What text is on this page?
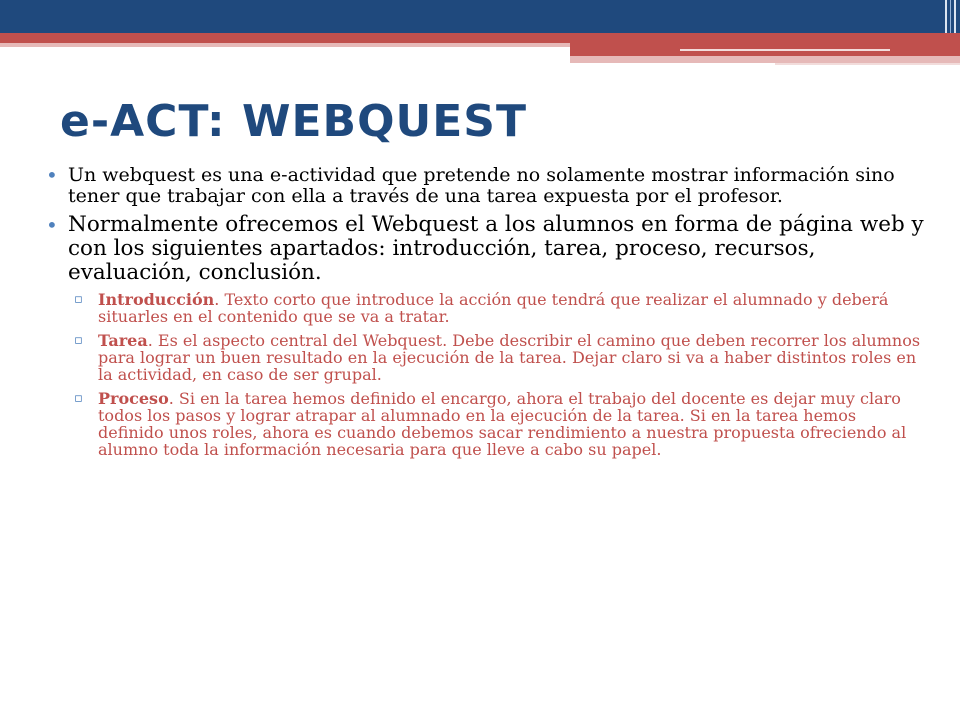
e-ACT: WEBQUEST
• Un webquest es una e-actividad que pretende no solamente mostrar información sino tener que trabajar con ella a través de una tarea expuesta por el profesor.
• Normalmente ofrecemos el Webquest a los alumnos en forma de página web y con los siguientes apartados: introducción, tarea, proceso, recursos, evaluación, conclusión.
▫ Introducción. Texto corto que introduce la acción que tendrá que realizar el alumnado y deberá situarles en el contenido que se va a tratar.
▫ Tarea. Es el aspecto central del Webquest. Debe describir el camino que deben recorrer los alumnos para lograr un buen resultado en la ejecución de la tarea. Dejar claro si va a haber distintos roles en la actividad, en caso de ser grupal.
▫ Proceso. Si en la tarea hemos definido el encargo, ahora el trabajo del docente es dejar muy claro todos los pasos y lograr atrapar al alumnado en la ejecución de la tarea. Si en la tarea hemos definido unos roles, ahora es cuando debemos sacar rendimiento a nuestra propuesta ofreciendo al alumno toda la información necesaria para que lleve a cabo su papel.
